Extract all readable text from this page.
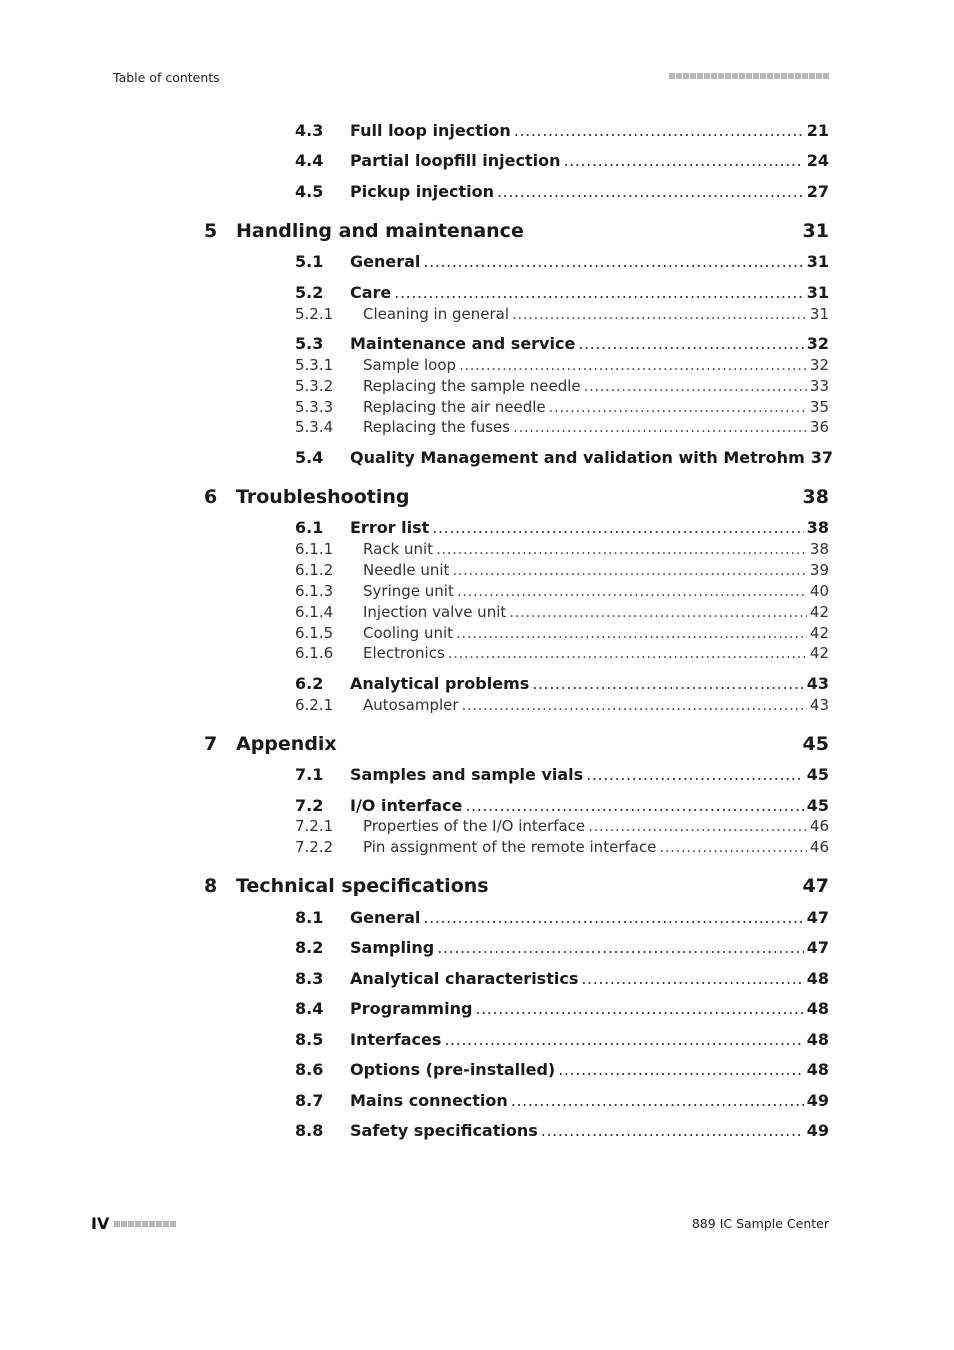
Table of contents
4.3 Full loop injection .....	21
4.4 Partial loopfill injection .....	24
4.5 Pickup injection .....	27
5 Handling and maintenance	31
5.1 General .....	31
5.2 Care .....	31
5.2.1 Cleaning in general .....	31
5.3 Maintenance and service .....	32
5.3.1 Sample loop .....	32
5.3.2 Replacing the sample needle .....	33
5.3.3 Replacing the air needle .....	35
5.3.4 Replacing the fuses .....	36
5.4 Quality Management and validation with Metrohm 37
6 Troubleshooting	38
6.1 Error list .....	38
6.1.1 Rack unit .....	38
6.1.2 Needle unit .....	39
6.1.3 Syringe unit .....	40
6.1.4 Injection valve unit .....	42
6.1.5 Cooling unit .....	42
6.1.6 Electronics .....	42
6.2 Analytical problems .....	43
6.2.1 Autosampler .....	43
7 Appendix	45
7.1 Samples and sample vials .....	45
7.2 I/O interface .....	45
7.2.1 Properties of the I/O interface .....	46
7.2.2 Pin assignment of the remote interface .....	46
8 Technical specifications	47
8.1 General .....	47
8.2 Sampling .....	47
8.3 Analytical characteristics .....	48
8.4 Programming .....	48
8.5 Interfaces .....	48
8.6 Options (pre-installed) .....	48
8.7 Mains connection .....	49
8.8 Safety specifications .....	49
IV	889 IC Sample Center
